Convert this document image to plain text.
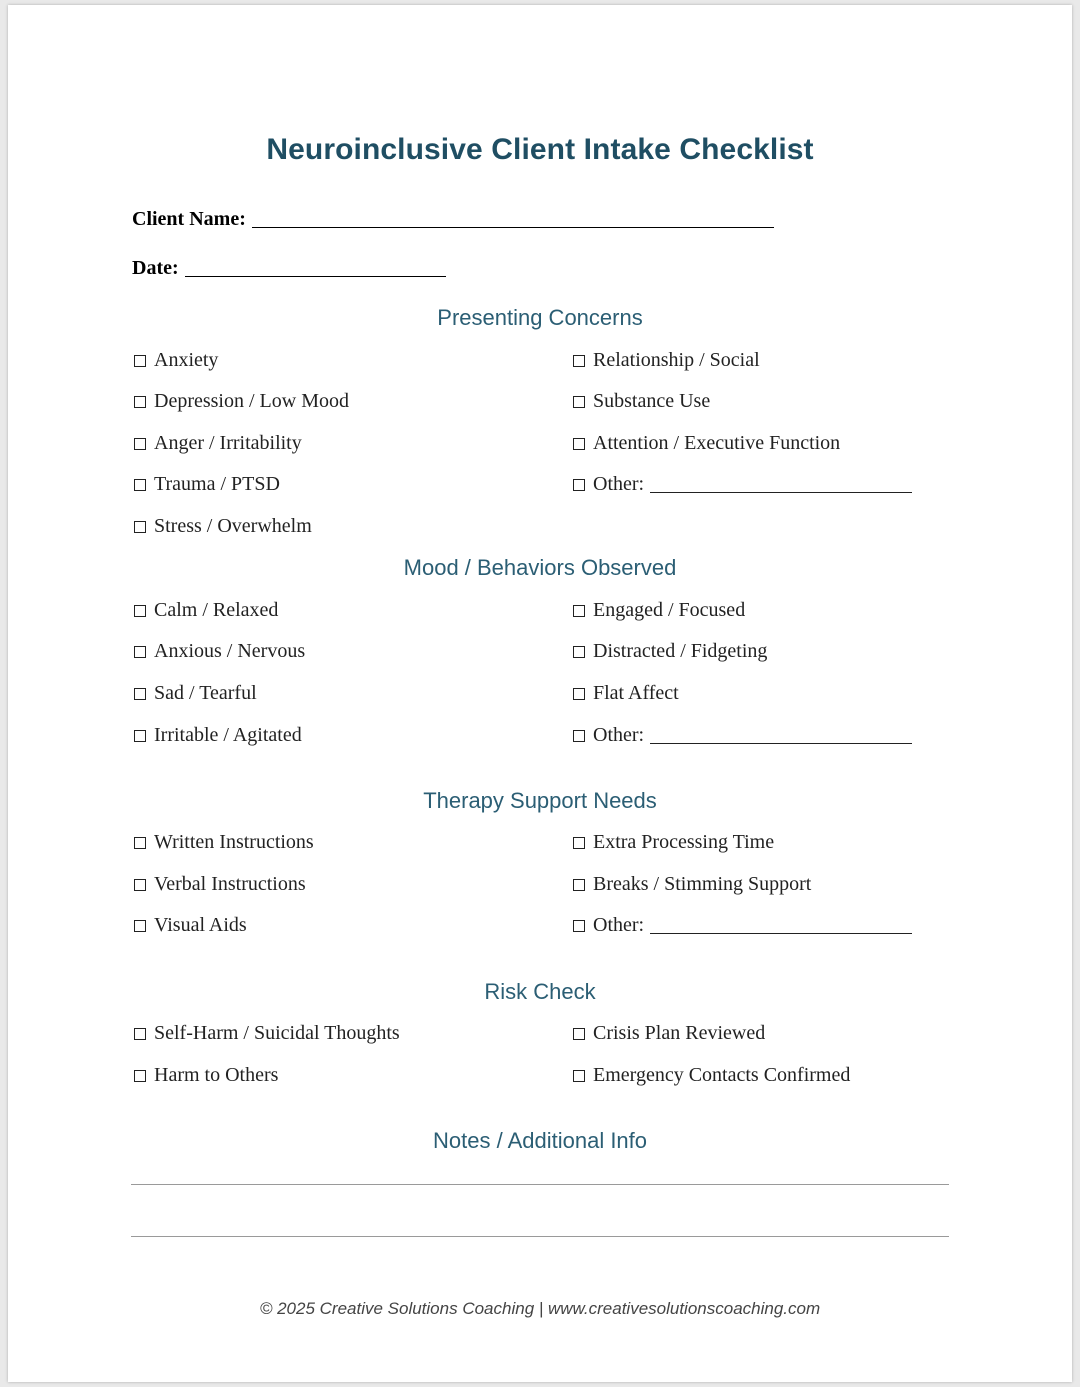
Neuroinclusive Client Intake Checklist
Client Name:
Date:
Presenting Concerns
Anxiety
Depression / Low Mood
Anger / Irritability
Trauma / PTSD
Stress / Overwhelm
Relationship / Social
Substance Use
Attention / Executive Function
Other:
Mood / Behaviors Observed
Calm / Relaxed
Anxious / Nervous
Sad / Tearful
Irritable / Agitated
Engaged / Focused
Distracted / Fidgeting
Flat Affect
Other:
Therapy Support Needs
Written Instructions
Verbal Instructions
Visual Aids
Extra Processing Time
Breaks / Stimming Support
Other:
Risk Check
Self-Harm / Suicidal Thoughts
Harm to Others
Crisis Plan Reviewed
Emergency Contacts Confirmed
Notes / Additional Info
© 2025 Creative Solutions Coaching | www.creativesolutionscoaching.com
